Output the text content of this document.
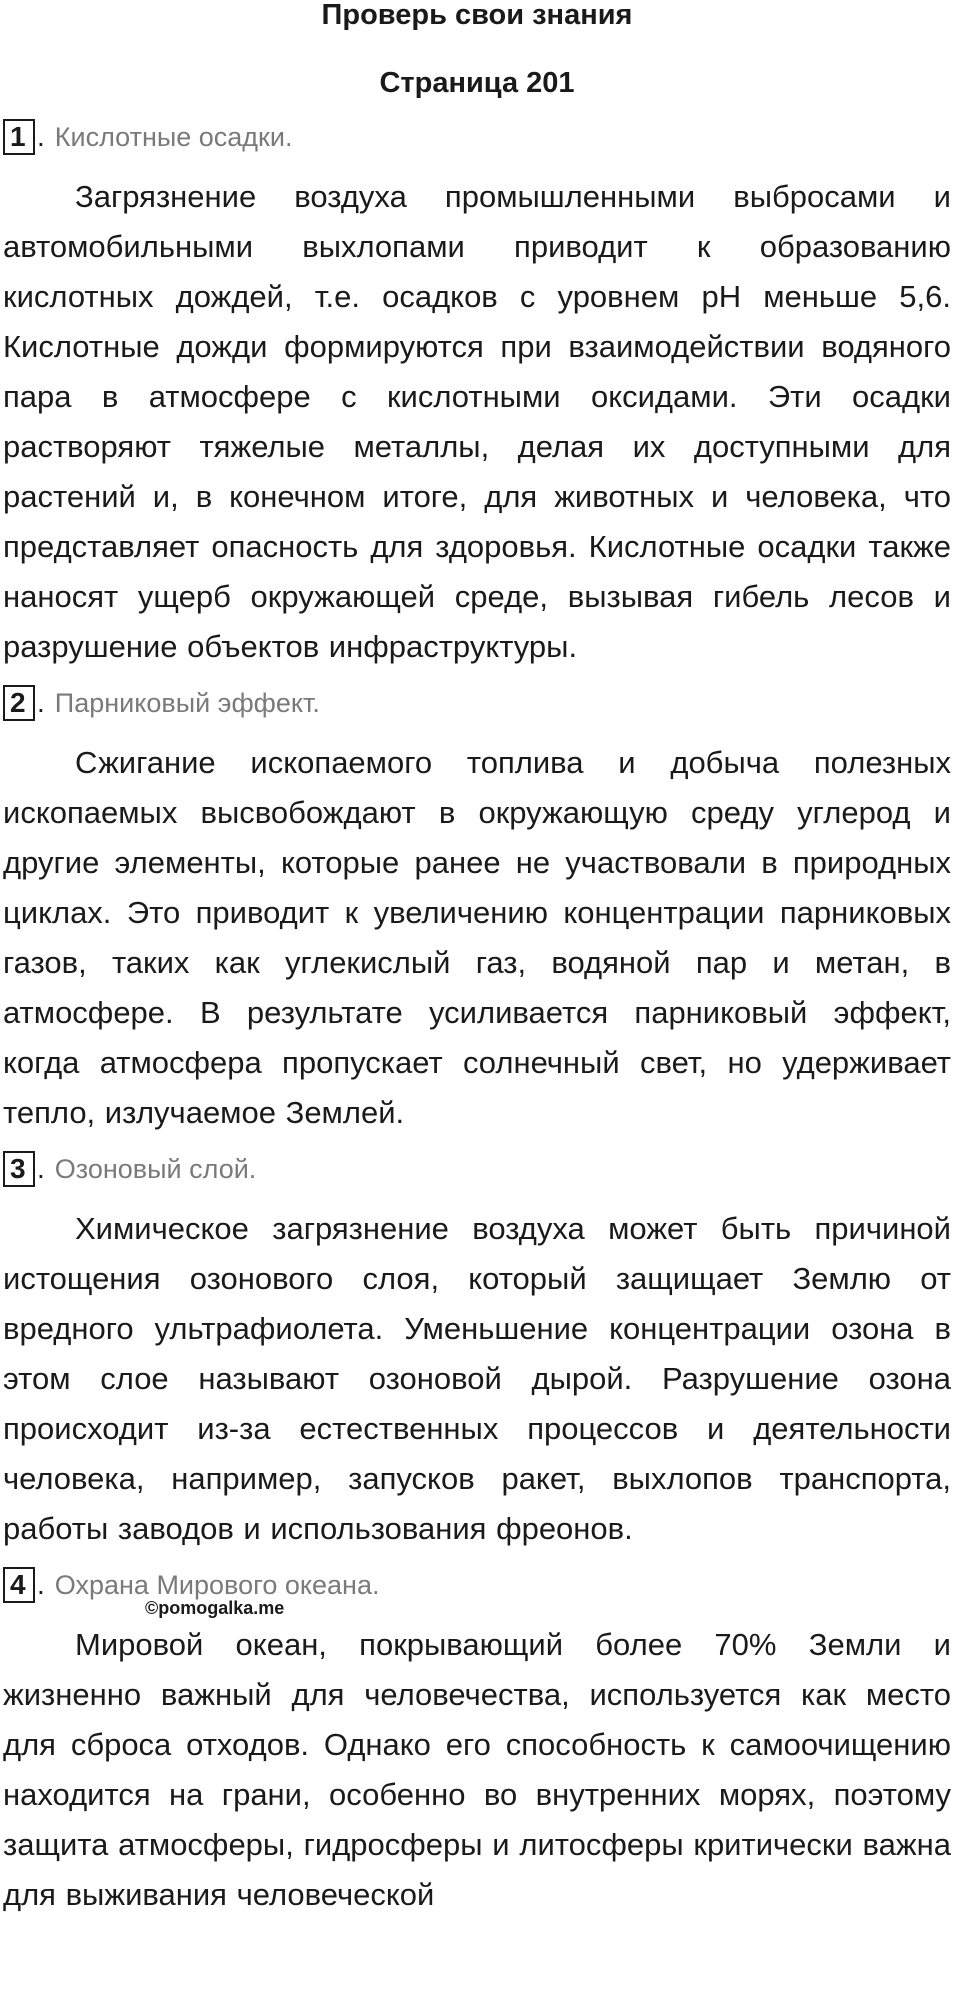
Проверь свои знания
Страница 201
1 . Кислотные осадки.

Загрязнение воздуха промышленными выбросами и автомобильными выхлопами приводит к образованию кислотных дождей, т.е. осадков с уровнем pH меньше 5,6. Кислотные дожди формируются при взаимодействии водяного пара в атмосфере с кислотными оксидами. Эти осадки растворяют тяжелые металлы, делая их доступными для растений и, в конечном итоге, для животных и человека, что представляет опасность для здоровья. Кислотные осадки также наносят ущерб окружающей среде, вызывая гибель лесов и разрушение объектов инфраструктуры.

2 . Парниковый эффект.

Сжигание ископаемого топлива и добыча полезных ископаемых высвобождают в окружающую среду углерод и другие элементы, которые ранее не участвовали в природных циклах. Это приводит к увеличению концентрации парниковых газов, таких как углекислый газ, водяной пар и метан, в атмосфере. В результате усиливается парниковый эффект, когда атмосфера пропускает солнечный свет, но удерживает тепло, излучаемое Землей.

3 . Озоновый слой.

Химическое загрязнение воздуха может быть причиной истощения озонового слоя, который защищает Землю от вредного ультрафиолета. Уменьшение концентрации озона в этом слое называют озоновой дырой. Разрушение озона происходит из-за естественных процессов и деятельности человека, например, запусков ракет, выхлопов транспорта, работы заводов и использования фреонов.

4 . Охрана Мирового океана.
©pomogalka.me

Мировой океан, покрывающий более 70% Земли и жизненно важный для человечества, используется как место для сброса отходов. Однако его способность к самоочищению находится на грани, особенно во внутренних морях, поэтому защита атмосферы, гидросферы и литосферы критически важна для выживания человеческой
